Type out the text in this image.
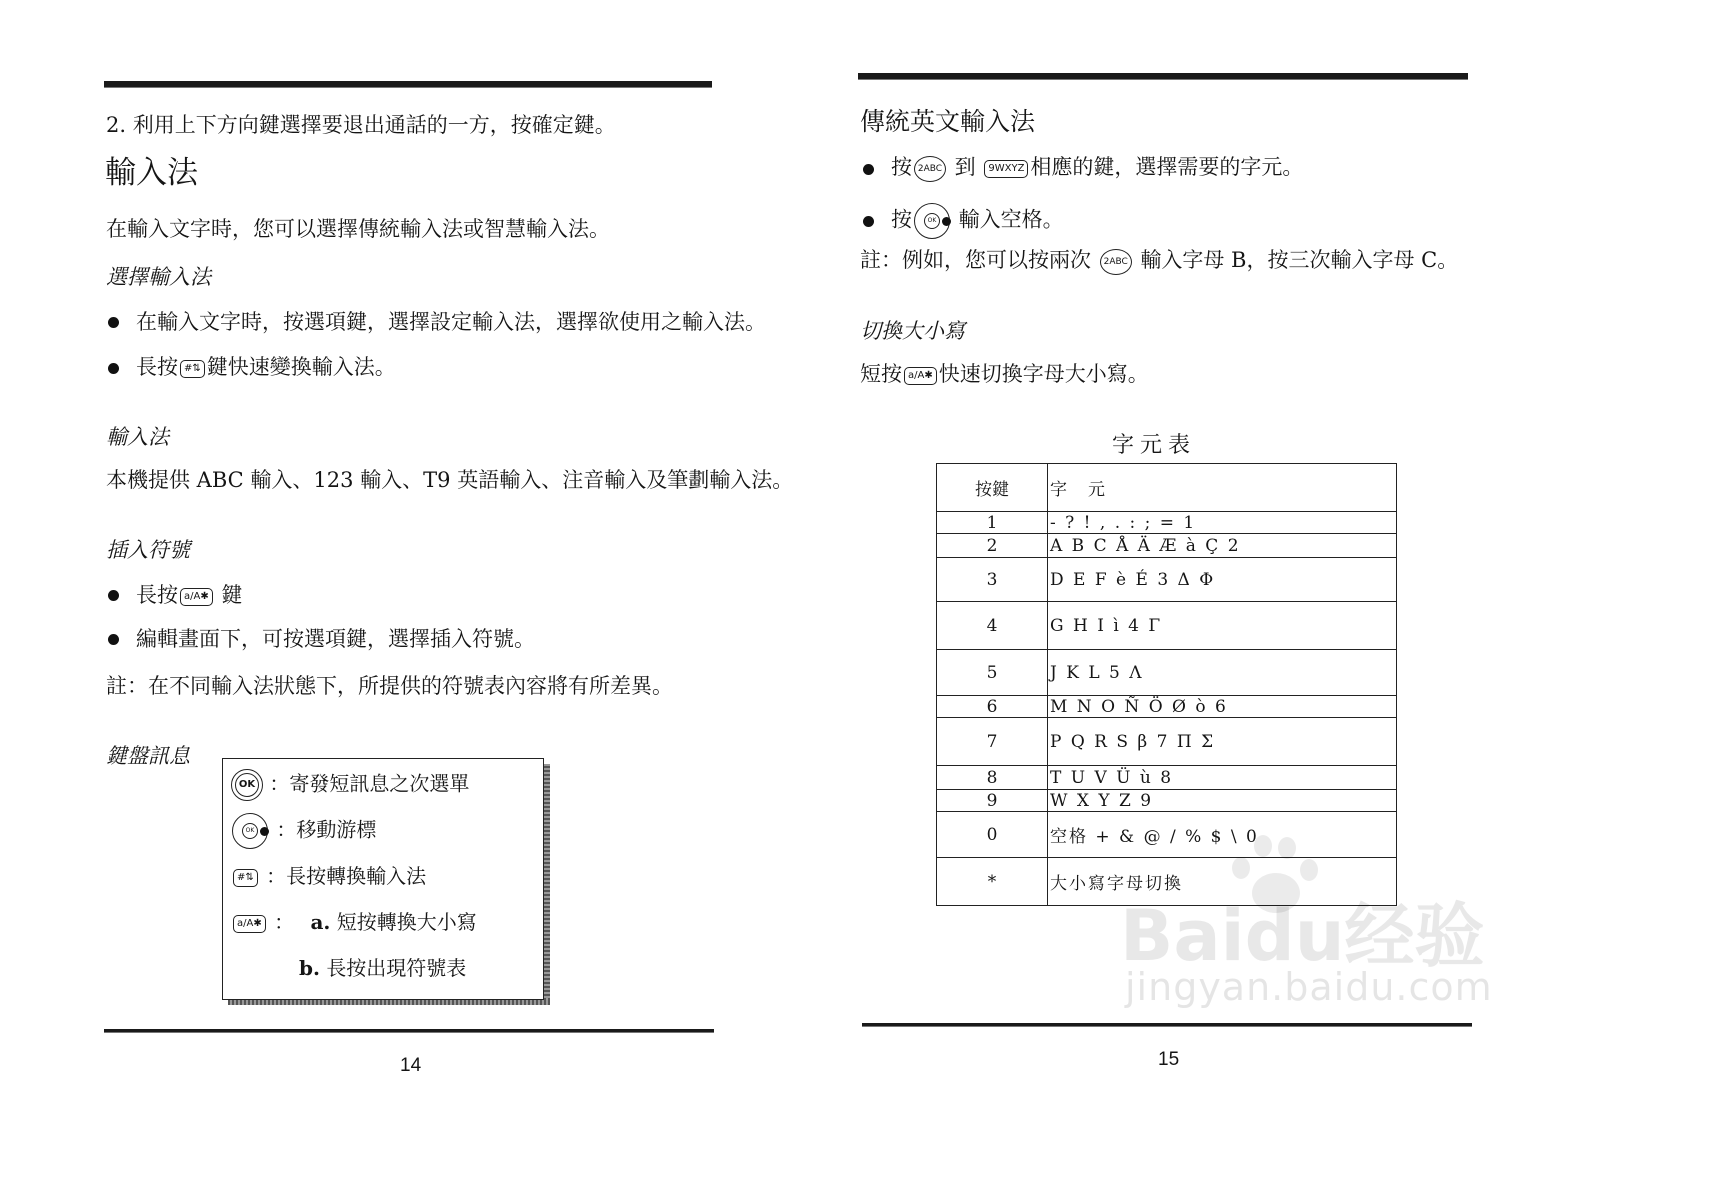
2. 利用上下方向鍵選擇要退出通話的一方，按確定鍵。
輸入法
在輸入文字時，您可以選擇傳統輸入法或智慧輸入法。
選擇輸入法
在輸入文字時，按選項鍵，選擇設定輸入法，選擇欲使用之輸入法。
長按 #⇅ 鍵快速變換輸入法。
輸入法
本機提供 ABC 輸入、123 輸入、T9 英語輸入、注音輸入及筆劃輸入法。
插入符號
長按 a/A✱ 鍵
編輯畫面下，可按選項鍵，選擇插入符號。
註：在不同輸入法狀態下，所提供的符號表內容將有所差異。
鍵盤訊息
OK ：寄發短訊息之次選單
OK ：移動游標
#⇅ ：長按轉換輸入法
a/A✱ ： a. 短按轉換大小寫
b. 長按出現符號表
14
傳統英文輸入法
按 2ABC 到 9WXYZ 相應的鍵，選擇需要的字元。
按	OK 輸入空格。
註：例如，您可以按兩次 2ABC 輸入字母 B，按三次輸入字母 C。
切換大小寫
短按 a/A✱ 快速切換字母大小寫。
字元表
按鍵	字　元
1	- ? ! , . : ; = 1
2	A B C Å Ä Æ à Ç 2
3	D E F è É 3 Δ Φ
4	G H I ì 4 Γ
5	J K L 5 Λ
6	M N O Ñ Ö Ø ò 6
7	P Q R S β 7 Π Σ
8	T U V Ü ù 8
9	W X Y Z 9
0	空格 + & @ / % $ \ 0
*	大小寫字母切換
15
Baidu经验
jingyan.baidu.com
